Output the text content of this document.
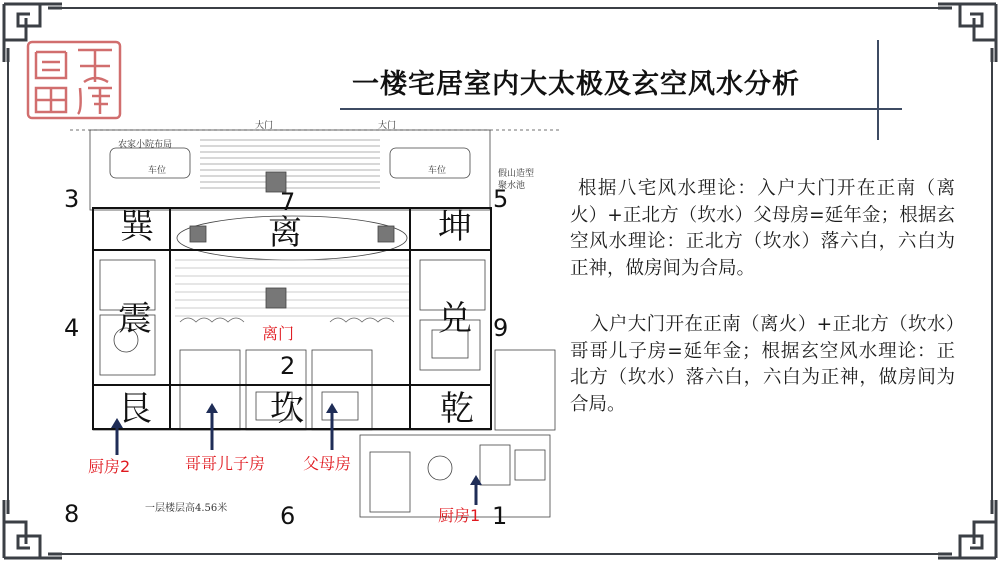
一楼宅居室内大太极及玄空风水分析
根据八宅风水理论：入户大门开在正南（离火）+正北方（坎水）父母房=延年金；根据玄空风水理论：正北方（坎水）落六白，六白为正神，做房间为合局。
入户大门开在正南（离火）+正北方（坎水）哥哥儿子房=延年金；根据玄空风水理论：正北方（坎水）落六白，六白为正神，做房间为合局。
农家小院布局
大门	大门
车位	车位	假山造型
聚水池
一层楼层高4.56米
巽	离	坤
震	兑
艮	坎	乾
3	7	5
4
2
9
8	6	1
离门
厨房2	哥哥儿子房 父母房
厨房1
